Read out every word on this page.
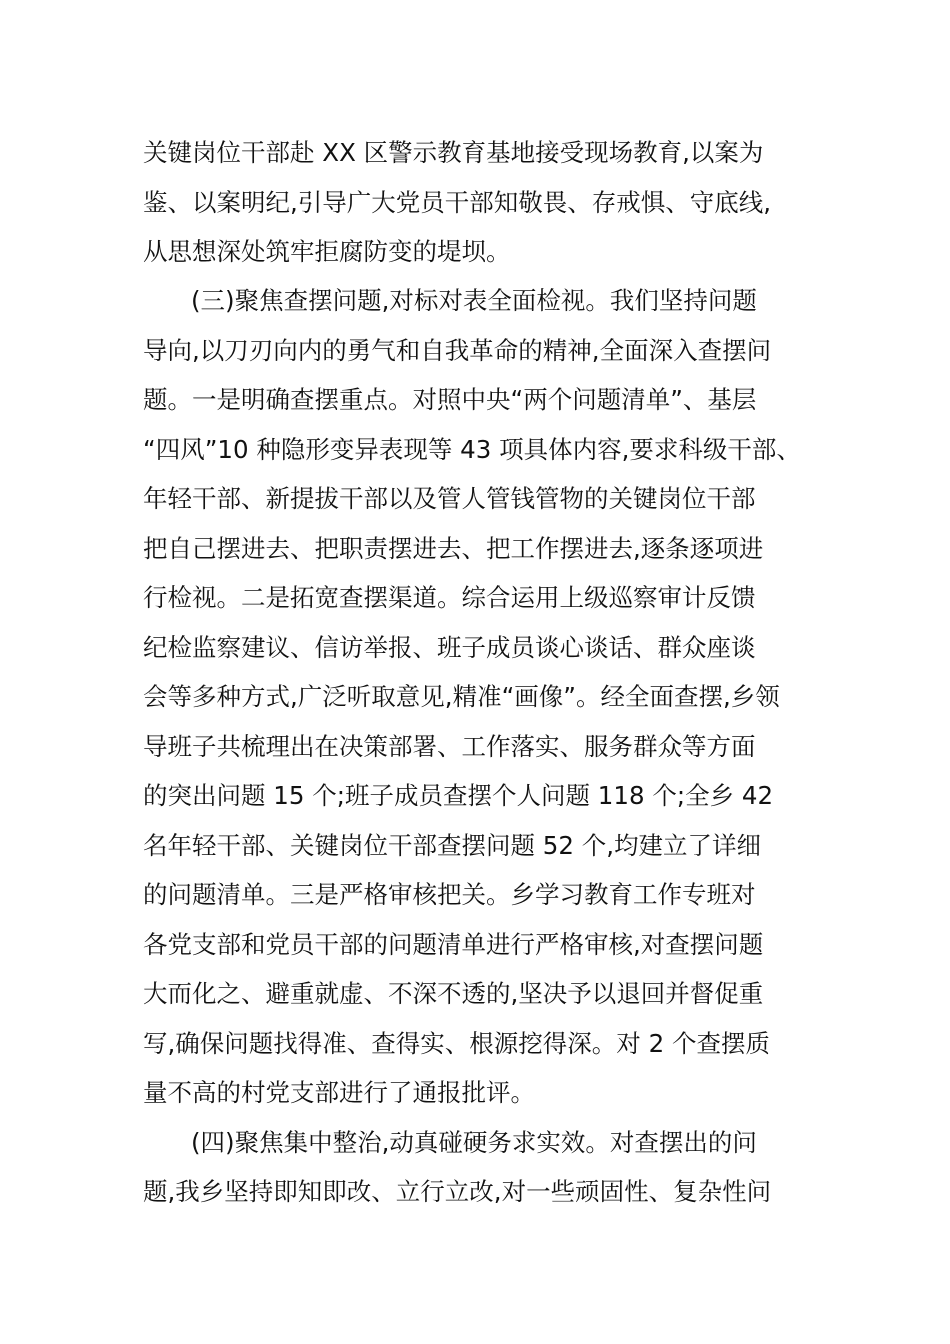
关键岗位干部赴 XX 区警示教育基地接受现场教育,以案为
鉴、以案明纪,引导广大党员干部知敬畏、存戒惧、守底线,
从思想深处筑牢拒腐防变的堤坝。
(三)聚焦查摆问题,对标对表全面检视。我们坚持问题
导向,以刀刃向内的勇气和自我革命的精神,全面深入查摆问
题。一是明确查摆重点。对照中央“两个问题清单”、基层
“四风”10 种隐形变异表现等 43 项具体内容,要求科级干部、
年轻干部、新提拔干部以及管人管钱管物的关键岗位干部
把自己摆进去、把职责摆进去、把工作摆进去,逐条逐项进
行检视。二是拓宽查摆渠道。综合运用上级巡察审计反馈
纪检监察建议、信访举报、班子成员谈心谈话、群众座谈
会等多种方式,广泛听取意见,精准“画像”。经全面查摆,乡领
导班子共梳理出在决策部署、工作落实、服务群众等方面
的突出问题 15 个;班子成员查摆个人问题 118 个;全乡 42
名年轻干部、关键岗位干部查摆问题 52 个,均建立了详细
的问题清单。三是严格审核把关。乡学习教育工作专班对
各党支部和党员干部的问题清单进行严格审核,对查摆问题
大而化之、避重就虚、不深不透的,坚决予以退回并督促重
写,确保问题找得准、查得实、根源挖得深。对 2 个查摆质
量不高的村党支部进行了通报批评。
(四)聚焦集中整治,动真碰硬务求实效。对查摆出的问
题,我乡坚持即知即改、立行立改,对一些顽固性、复杂性问
